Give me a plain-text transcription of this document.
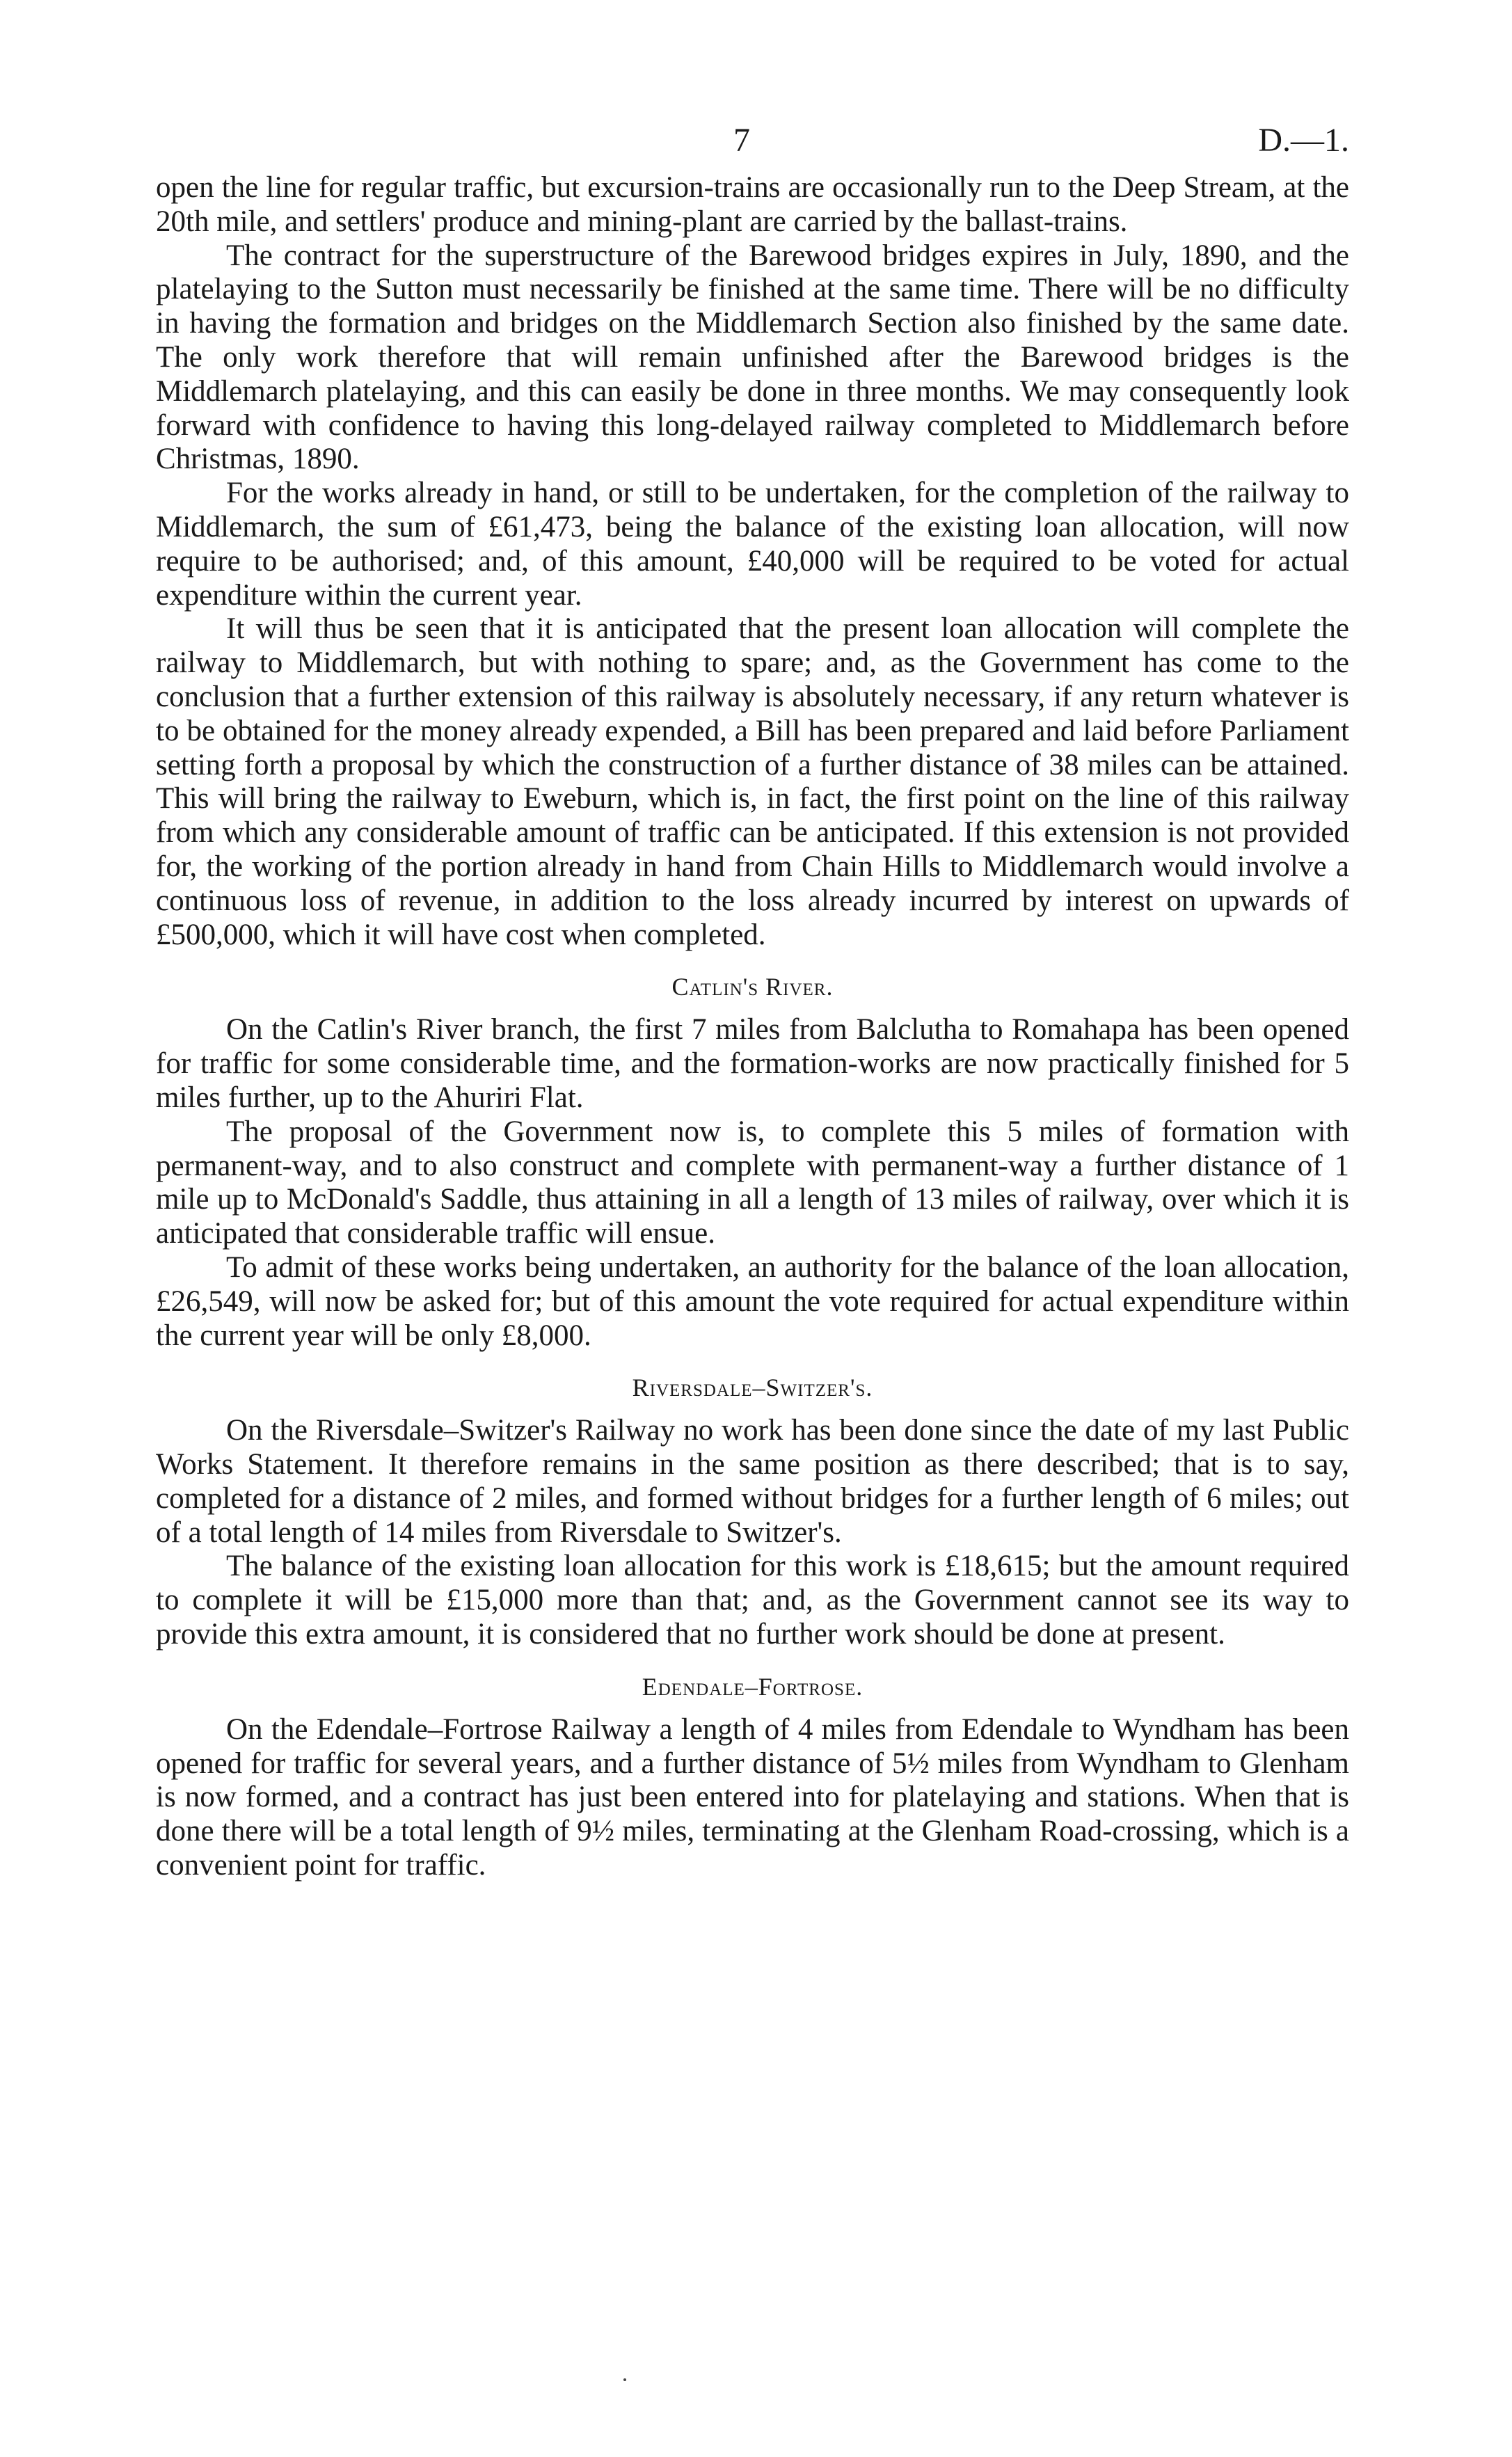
7	D.—1.

open the line for regular traffic, but excursion-trains are occasionally run to the Deep Stream, at the 20th mile, and settlers' produce and mining-plant are carried by the ballast-trains.

The contract for the superstructure of the Barewood bridges expires in July, 1890, and the platelaying to the Sutton must necessarily be finished at the same time. There will be no difficulty in having the formation and bridges on the Middlemarch Section also finished by the same date. The only work therefore that will remain unfinished after the Barewood bridges is the Middlemarch platelaying, and this can easily be done in three months. We may consequently look forward with confidence to having this long-delayed railway completed to Middlemarch before Christmas, 1890.

For the works already in hand, or still to be undertaken, for the completion of the railway to Middlemarch, the sum of £61,473, being the balance of the existing loan allocation, will now require to be authorised; and, of this amount, £40,000 will be required to be voted for actual expenditure within the current year.

It will thus be seen that it is anticipated that the present loan allocation will complete the railway to Middlemarch, but with nothing to spare; and, as the Government has come to the conclusion that a further extension of this railway is absolutely necessary, if any return whatever is to be obtained for the money already expended, a Bill has been prepared and laid before Parliament setting forth a proposal by which the construction of a further distance of 38 miles can be attained. This will bring the railway to Eweburn, which is, in fact, the first point on the line of this railway from which any considerable amount of traffic can be anticipated. If this extension is not provided for, the working of the portion already in hand from Chain Hills to Middlemarch would involve a continuous loss of revenue, in addition to the loss already incurred by interest on upwards of £500,000, which it will have cost when completed.

Catlin's River.

On the Catlin's River branch, the first 7 miles from Balclutha to Romahapa has been opened for traffic for some considerable time, and the formation-works are now practically finished for 5 miles further, up to the Ahuriri Flat.

The proposal of the Government now is, to complete this 5 miles of formation with permanent-way, and to also construct and complete with permanent-way a further distance of 1 mile up to McDonald's Saddle, thus attaining in all a length of 13 miles of railway, over which it is anticipated that considerable traffic will ensue.

To admit of these works being undertaken, an authority for the balance of the loan allocation, £26,549, will now be asked for; but of this amount the vote required for actual expenditure within the current year will be only £8,000.

Riversdale–Switzer's.

On the Riversdale–Switzer's Railway no work has been done since the date of my last Public Works Statement. It therefore remains in the same position as there described; that is to say, completed for a distance of 2 miles, and formed without bridges for a further length of 6 miles; out of a total length of 14 miles from Riversdale to Switzer's.

The balance of the existing loan allocation for this work is £18,615; but the amount required to complete it will be £15,000 more than that; and, as the Government cannot see its way to provide this extra amount, it is considered that no further work should be done at present.

Edendale–Fortrose.

On the Edendale–Fortrose Railway a length of 4 miles from Edendale to Wyndham has been opened for traffic for several years, and a further distance of 5½ miles from Wyndham to Glenham is now formed, and a contract has just been entered into for platelaying and stations. When that is done there will be a total length of 9½ miles, terminating at the Glenham Road-crossing, which is a convenient point for traffic.
